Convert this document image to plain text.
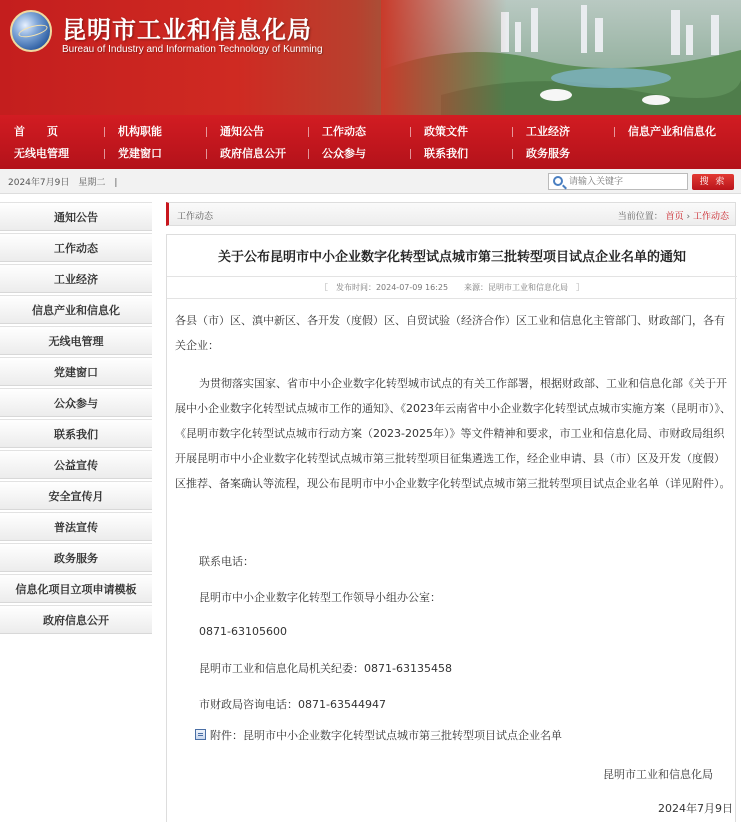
昆明市工业和信息化局
Bureau of Industry and Information Technology of Kunming
首　　页	机构职能	通知公告	工作动态	政策文件	工业经济	信息产业和信息化
无线电管理	党建窗口	政府信息公开	公众参与	联系我们	政务服务
2024年7月9日　星期二　|
请输入关键字	搜 索
通知公告
工作动态
工业经济
信息产业和信息化
无线电管理
党建窗口
公众参与
联系我们
公益宣传
安全宣传月
普法宣传
政务服务
信息化项目立项申请模板
政府信息公开
工作动态	当前位置： 首页 › 工作动态
关于公布昆明市中小企业数字化转型试点城市第三批转型项目试点企业名单的通知
［　发布时间：2024-07-09 16:25　　来源：昆明市工业和信息化局　］
各县（市）区、滇中新区、各开发（度假）区、自贸试验（经济合作）区工业和信息化主管部门、财政部门，各有关企业：
为贯彻落实国家、省市中小企业数字化转型城市试点的有关工作部署，根据财政部、工业和信息化部《关于开展中小企业数字化转型试点城市工作的通知》、《2023年云南省中小企业数字化转型试点城市实施方案（昆明市）》、《昆明市数字化转型试点城市行动方案（2023-2025年）》等文件精神和要求，市工业和信息化局、市财政局组织开展昆明市中小企业数字化转型试点城市第三批转型项目征集遴选工作，经企业申请、县（市）区及开发（度假）区推荐、备案确认等流程，现公布昆明市中小企业数字化转型试点城市第三批转型项目试点企业名单（详见附件）。
联系电话：
昆明市中小企业数字化转型工作领导小组办公室：
0871-63105600
昆明市工业和信息化局机关纪委：0871-63135458
市财政局咨询电话：0871-63544947
附件：昆明市中小企业数字化转型试点城市第三批转型项目试点企业名单
昆明市工业和信息化局
2024年7月9日
